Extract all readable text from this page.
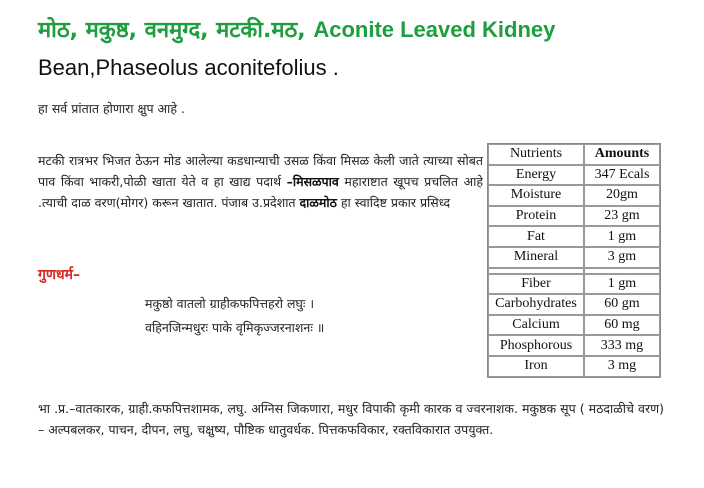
मोठ, मकुष्ठ, वनमुग्द, मटकी.मठ, Aconite Leaved Kidney
Bean,Phaseolus aconitefolius .
हा सर्व प्रांतात होणारा क्षुप आहे .
मटकी रात्रभर भिजत ठेऊन मोड आलेल्या कडधान्याची उसळ किंवा मिसळ केली जाते त्याच्या सोबत पाव किंवा भाकरी,पोळी खाता येते व हा खाद्य पदार्थ –मिसळपाव महाराष्टात खूपच प्रचलित आहे .त्याची दाळ वरण(मोगर) करून खातात. पंजाब उ.प्रदेशात दाळमोठ हा स्वादिष्ट प्रकार प्रसिध्द
Nutrients	Amounts
Energy	347 Ecals
Moisture	20gm
Protein	23 gm
Fat	1 gm
Mineral	3 gm

Fiber	1 gm
Carbohydrates	60 gm
Calcium	60 mg
Phosphorous	333 mg
Iron	3 mg
गुणधर्म–
मकुष्ठो वातलो ग्राहीकफपित्तहरो लघुः ।
वहिनजिन्मधुरः पाके वृमिकृज्जरनाशनः ॥
भा .प्र.–वातकारक, ग्राही.कफपित्तशामक, लघु. अग्निस जिकणारा, मधुर विपाकी कृमी कारक व ज्वरनाशक. मकुष्ठक सूप ( मठदाळीचे वरण) – अल्पबलकर, पाचन, दीपन, लघु, चक्षुष्य, पौष्टिक धातुवर्धक. पित्तकफविकार, रक्तविकारात उपयुक्त.
